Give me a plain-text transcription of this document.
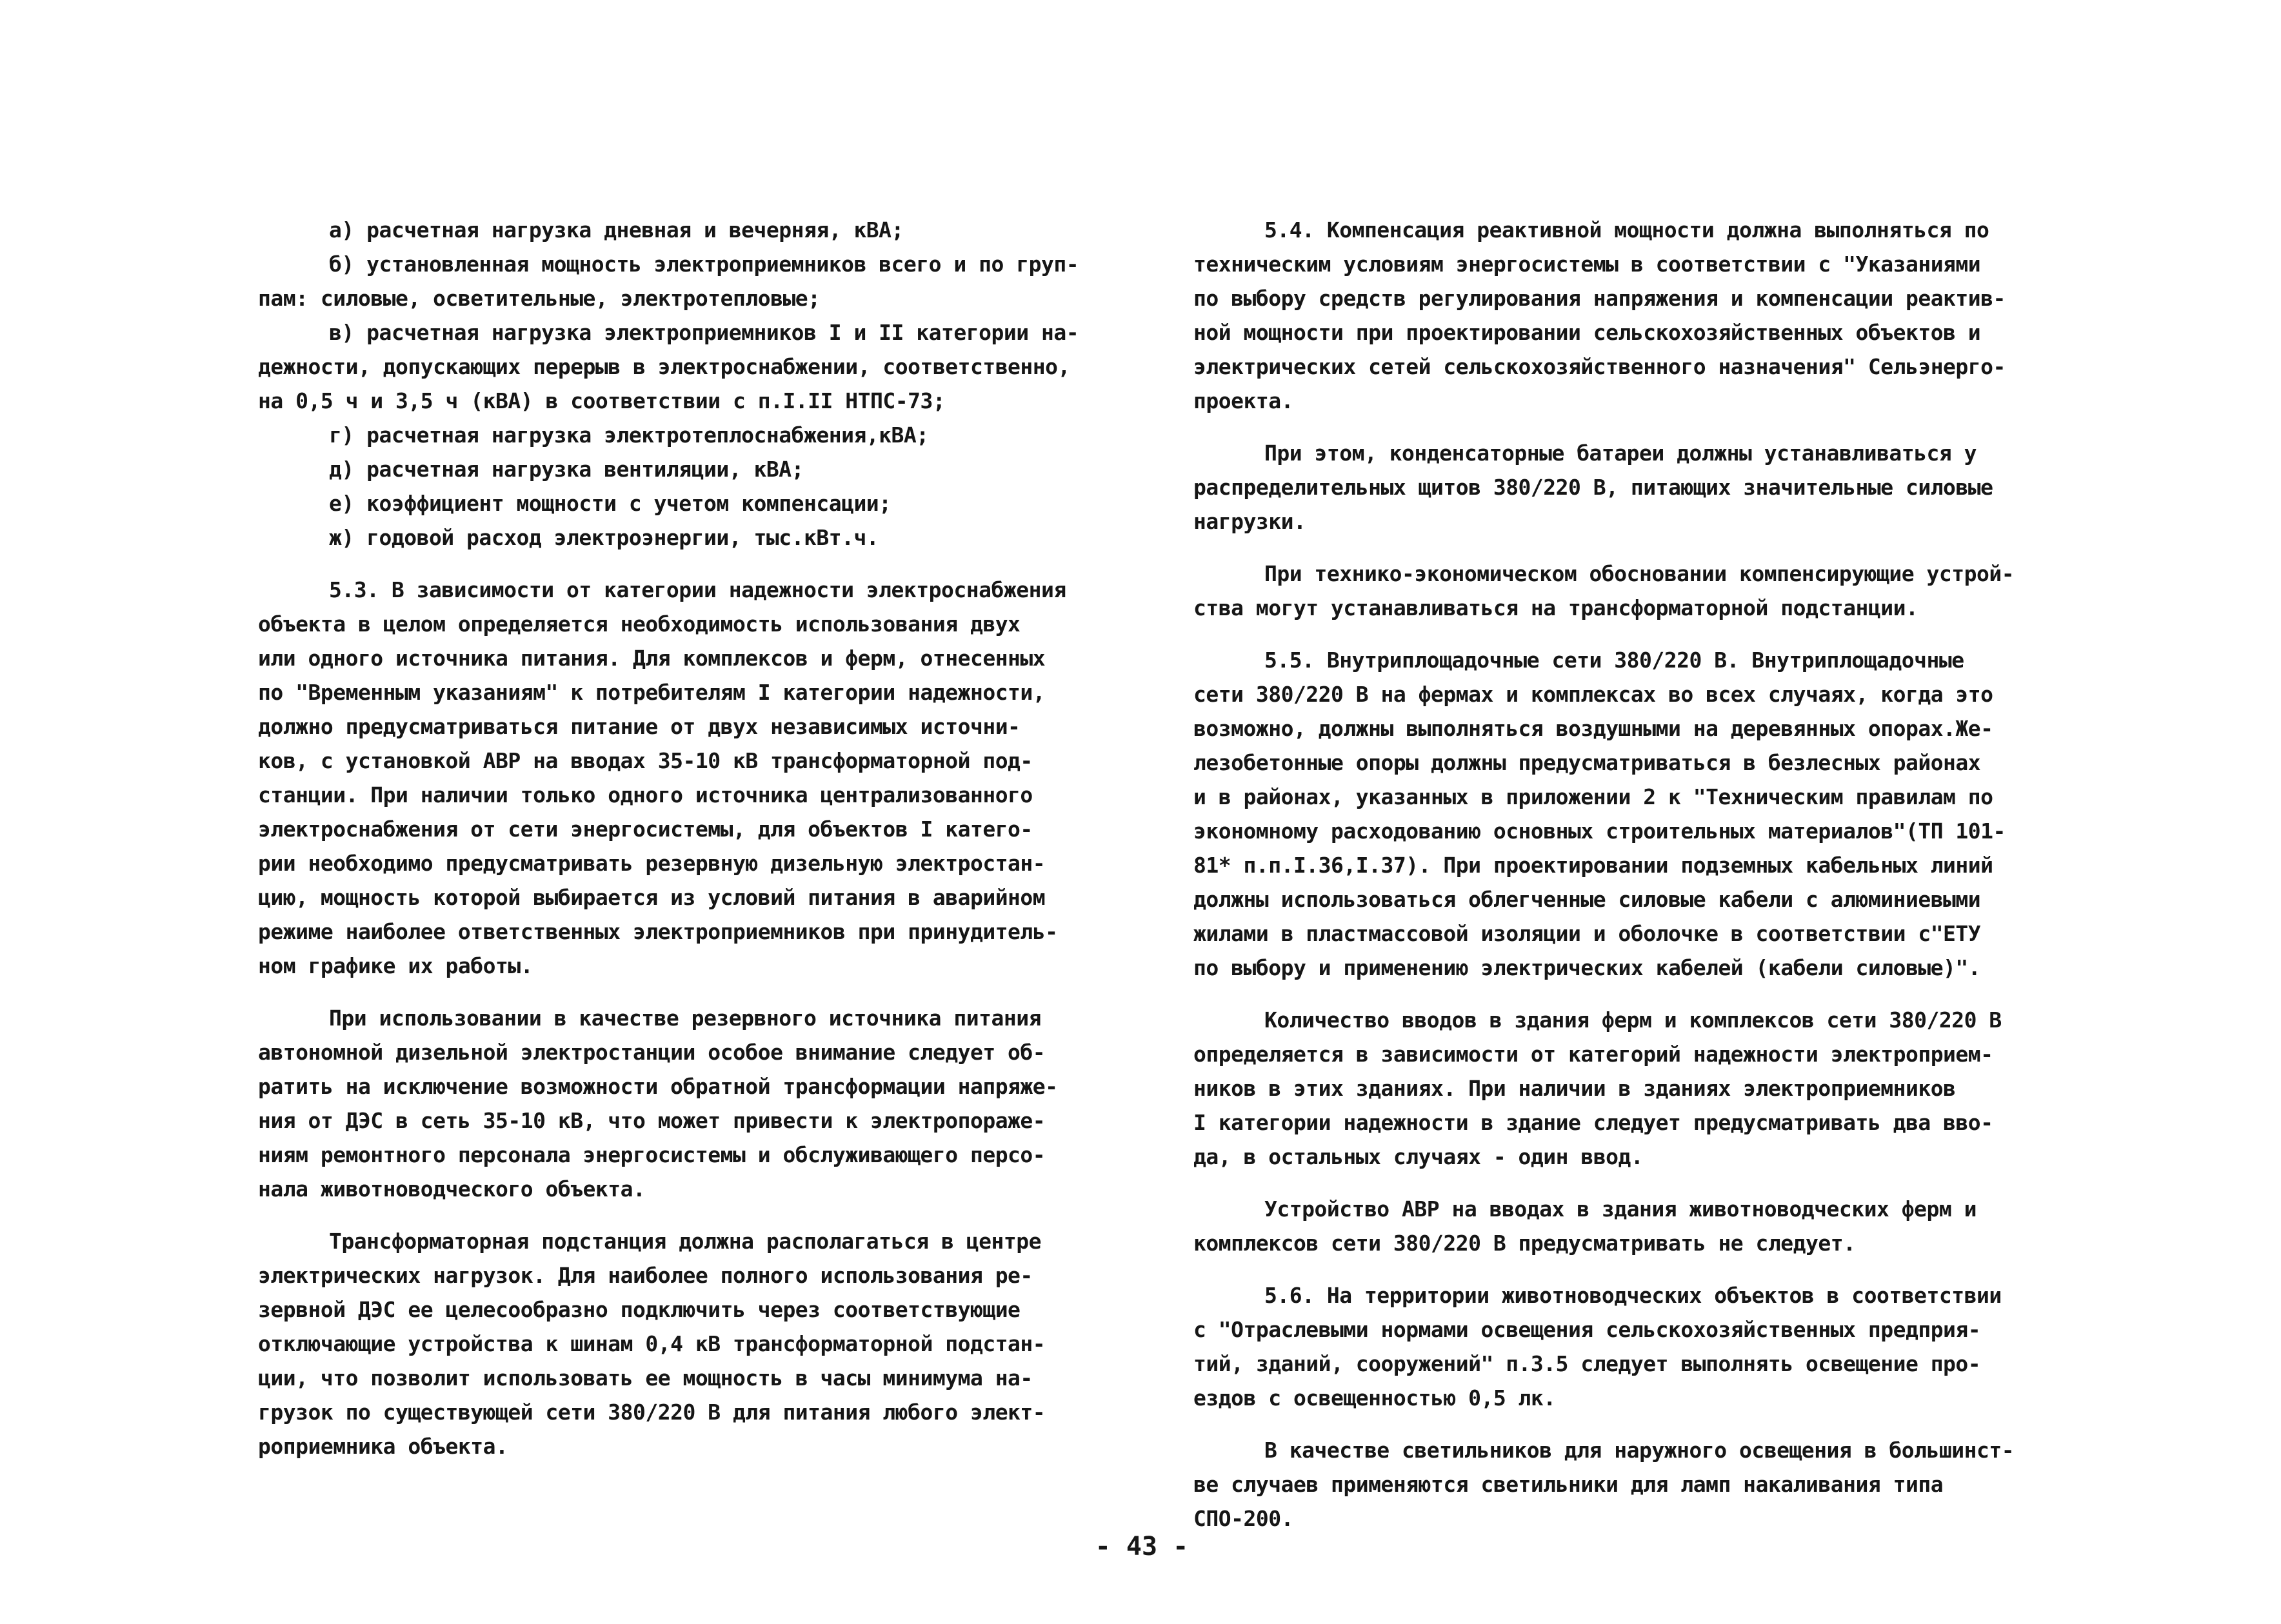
а) расчетная нагрузка дневная и вечерняя, кВА;
б) установленная мощность электроприемников всего и по груп-
пам: силовые, осветительные, электротепловые;
в) расчетная нагрузка электроприемников I и II категории на-
дежности, допускающих перерыв в электроснабжении, соответственно,
на 0,5 ч и 3,5 ч (кВА) в соответствии с п.I.II НТПС-73;
г) расчетная нагрузка электротеплоснабжения,кВА;
д) расчетная нагрузка вентиляции, кВА;
е) коэффициент мощности с учетом компенсации;
ж) годовой расход электроэнергии, тыс.кВт.ч.
5.3. В зависимости от категории надежности электроснабжения
объекта в целом определяется необходимость использования двух
или одного источника питания. Для комплексов и ферм, отнесенных
по "Временным указаниям" к потребителям I категории надежности,
должно предусматриваться питание от двух независимых источни-
ков, с установкой АВР на вводах 35-10 кВ трансформаторной под-
станции. При наличии только одного источника централизованного
электроснабжения от сети энергосистемы, для объектов I катего-
рии необходимо предусматривать резервную дизельную электростан-
цию, мощность которой выбирается из условий питания в аварийном
режиме наиболее ответственных электроприемников при принудитель-
ном графике их работы.
При использовании в качестве резервного источника питания
автономной дизельной электростанции особое внимание следует об-
ратить на исключение возможности обратной трансформации напряже-
ния от ДЭС в сеть 35-10 кВ, что может привести к электропораже-
ниям ремонтного персонала энергосистемы и обслуживающего персо-
нала животноводческого объекта.
Трансформаторная подстанция должна располагаться в центре
электрических нагрузок. Для наиболее полного использования ре-
зервной ДЭС ее целесообразно подключить через соответствующие
отключающие устройства к шинам 0,4 кВ трансформаторной подстан-
ции, что позволит использовать ее мощность в часы минимума на-
грузок по существующей сети 380/220 В для питания любого элект-
роприемника объекта.
5.4. Компенсация реактивной мощности должна выполняться по
техническим условиям энергосистемы в соответствии с "Указаниями
по выбору средств регулирования напряжения и компенсации реактив-
ной мощности при проектировании сельскохозяйственных объектов и
электрических сетей сельскохозяйственного назначения" Сельэнерго-
проекта.
При этом, конденсаторные батареи должны устанавливаться у
распределительных щитов 380/220 В, питающих значительные силовые
нагрузки.
При технико-экономическом обосновании компенсирующие устрой-
ства могут устанавливаться на трансформаторной подстанции.
5.5. Внутриплощадочные сети 380/220 В. Внутриплощадочные
сети 380/220 В на фермах и комплексах во всех случаях, когда это
возможно, должны выполняться воздушными на деревянных опорах.Же-
лезобетонные опоры должны предусматриваться в безлесных районах
и в районах, указанных в приложении 2 к "Техническим правилам по
экономному расходованию основных строительных материалов"(ТП 101-
81* п.п.I.36,I.37). При проектировании подземных кабельных линий
должны использоваться облегченные силовые кабели с алюминиевыми
жилами в пластмассовой изоляции и оболочке в соответствии с"ЕТУ
по выбору и применению электрических кабелей (кабели силовые)".
Количество вводов в здания ферм и комплексов сети 380/220 В
определяется в зависимости от категорий надежности электроприем-
ников в этих зданиях. При наличии в зданиях электроприемников
I категории надежности в здание следует предусматривать два вво-
да, в остальных случаях - один ввод.
Устройство АВР на вводах в здания животноводческих ферм и
комплексов сети 380/220 В предусматривать не следует.
5.6. На территории животноводческих объектов в соответствии
с "Отраслевыми нормами освещения сельскохозяйственных предприя-
тий, зданий, сооружений" п.3.5 следует выполнять освещение про-
ездов с освещенностью 0,5 лк.
В качестве светильников для наружного освещения в большинст-
ве случаев применяются светильники для ламп накаливания типа
СПО-200.
- 43 -
